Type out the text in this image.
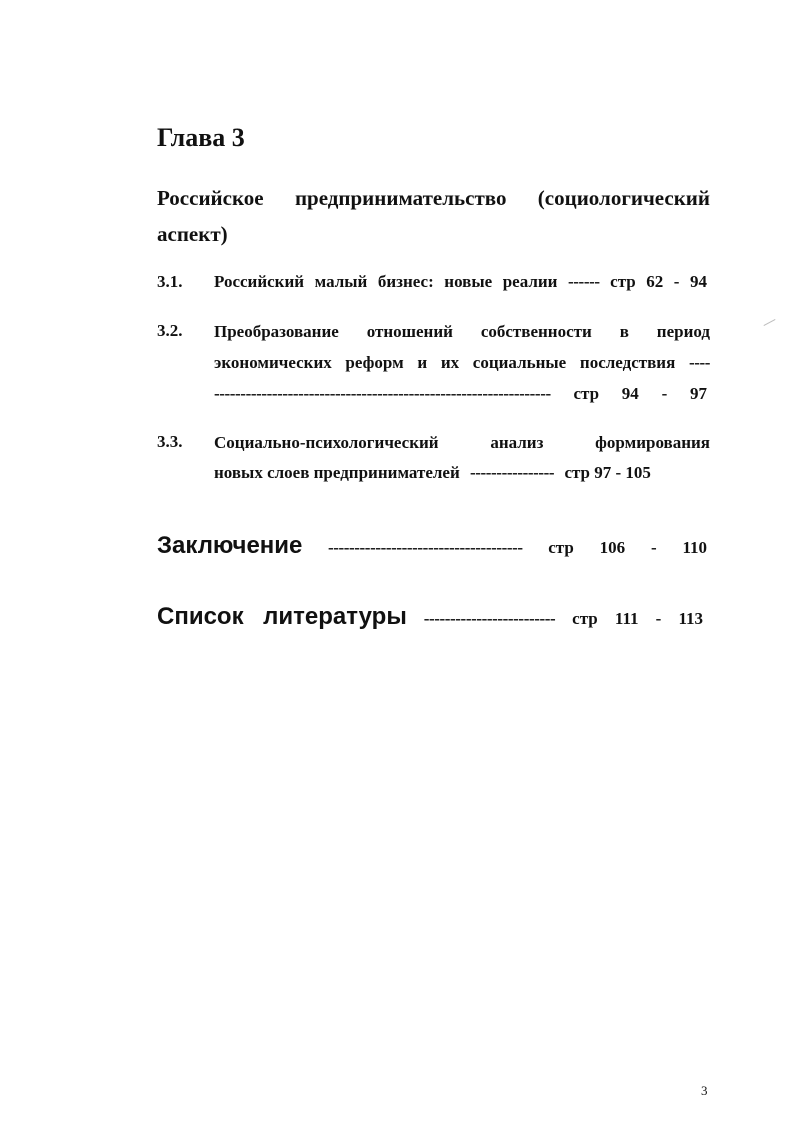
Глава 3
Российское предпринимательство (социологический аспект)
3.1. Российский малый бизнес: новые реалии ------ стр 62 - 94
3.2. Преобразование отношений собственности в период
экономических реформ и их социальные последствия ----
---------------------------------------------------------------- стр 94 - 97
3.3. Социально-психологический анализ формирования
новых слоев предпринимателей ---------------- стр 97 - 105
Заключение ------------------------------------- стр 106 - 110
Список литературы ------------------------- стр 111 - 113
3
